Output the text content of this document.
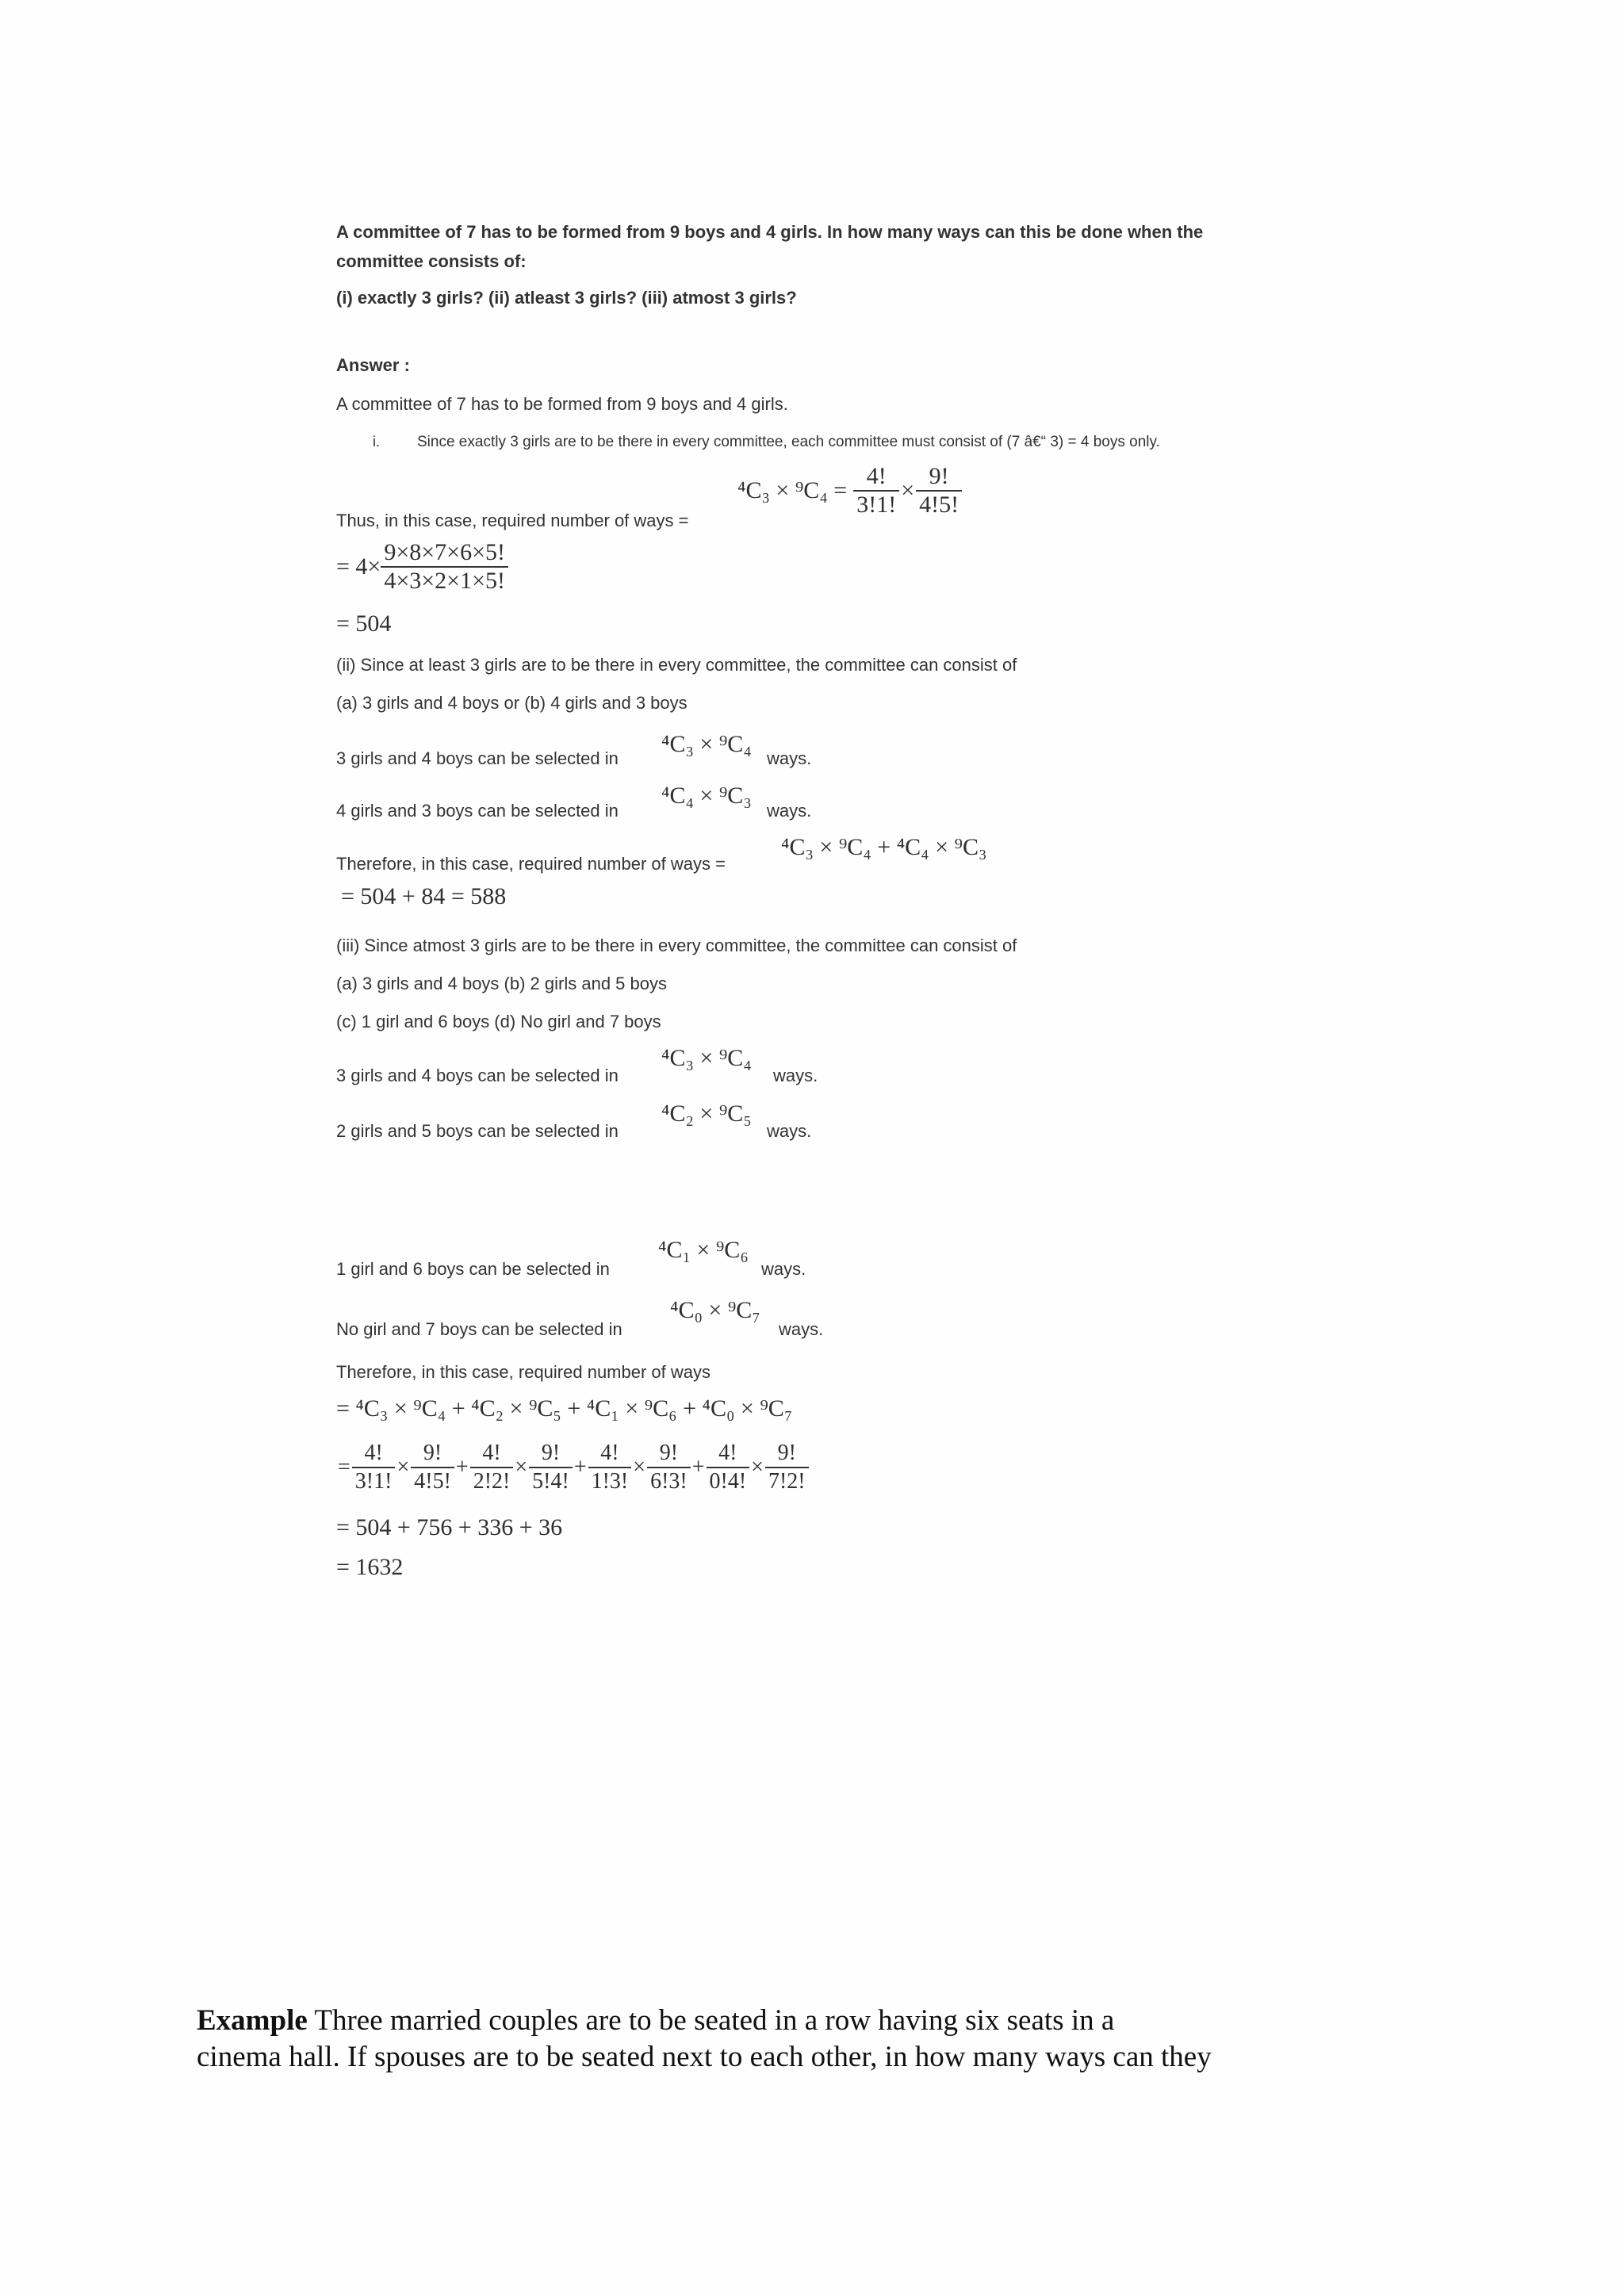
A committee of 7 has to be formed from 9 boys and 4 girls. In how many ways can this be done when the
committee consists of:
(i) exactly 3 girls? (ii) atleast 3 girls? (iii) atmost 3 girls?
Answer :
A committee of 7 has to be formed from 9 boys and 4 girls.
i. Since exactly 3 girls are to be there in every committee, each committee must consist of (7 â€“ 3) = 4 boys only.
$^4C_3 \times ^9C_4 = \frac{4!}{3!1!} \times \frac{9!}{4!5!}$
Thus, in this case, required number of ways =
= $4\times \frac{9\times 8\times 7\times 6\times 5!}{4\times 3\times 2\times 1\times 5!}$
= 504
(ii) Since at least 3 girls are to be there in every committee, the committee can consist of
(a) 3 girls and 4 boys or (b) 4 girls and 3 boys
3 girls and 4 boys can be selected in
⁴C₃ × ⁹C₄
ways.
4 girls and 3 boys can be selected in
⁴C₄ × ⁹C₃
ways.
Therefore, in this case, required number of ways =
⁴C₃ × ⁹C₄ + ⁴C₄ × ⁹C₃
= 504 + 84 = 588
(iii) Since atmost 3 girls are to be there in every committee, the committee can consist of
(a) 3 girls and 4 boys (b) 2 girls and 5 boys
(c) 1 girl and 6 boys (d) No girl and 7 boys
3 girls and 4 boys can be selected in
⁴C₃ × ⁹C₄
ways.
2 girls and 5 boys can be selected in
⁴C₂ × ⁹C₅
ways.
1 girl and 6 boys can be selected in
⁴C₁ × ⁹C₆
ways.
No girl and 7 boys can be selected in
⁴C₀ × ⁹C₇
ways.
Therefore, in this case, required number of ways
= ⁴C₃ × ⁹C₄ + ⁴C₂ × ⁹C₅ + ⁴C₁ × ⁹C₆ + ⁴C₀ × ⁹C₇
= $\frac{4!}{3!1!} \times \frac{9!}{4!5!} + \frac{4!}{2!2!} \times \frac{9!}{5!4!} + \frac{4!}{1!3!} \times \frac{9!}{6!3!} + \frac{4!}{0!4!} \times \frac{9!}{7!2!}$
= 504 + 756 + 336 + 36
= 1632
Example Three married couples are to be seated in a row having six seats in a
cinema hall. If spouses are to be seated next to each other, in how many ways can they
